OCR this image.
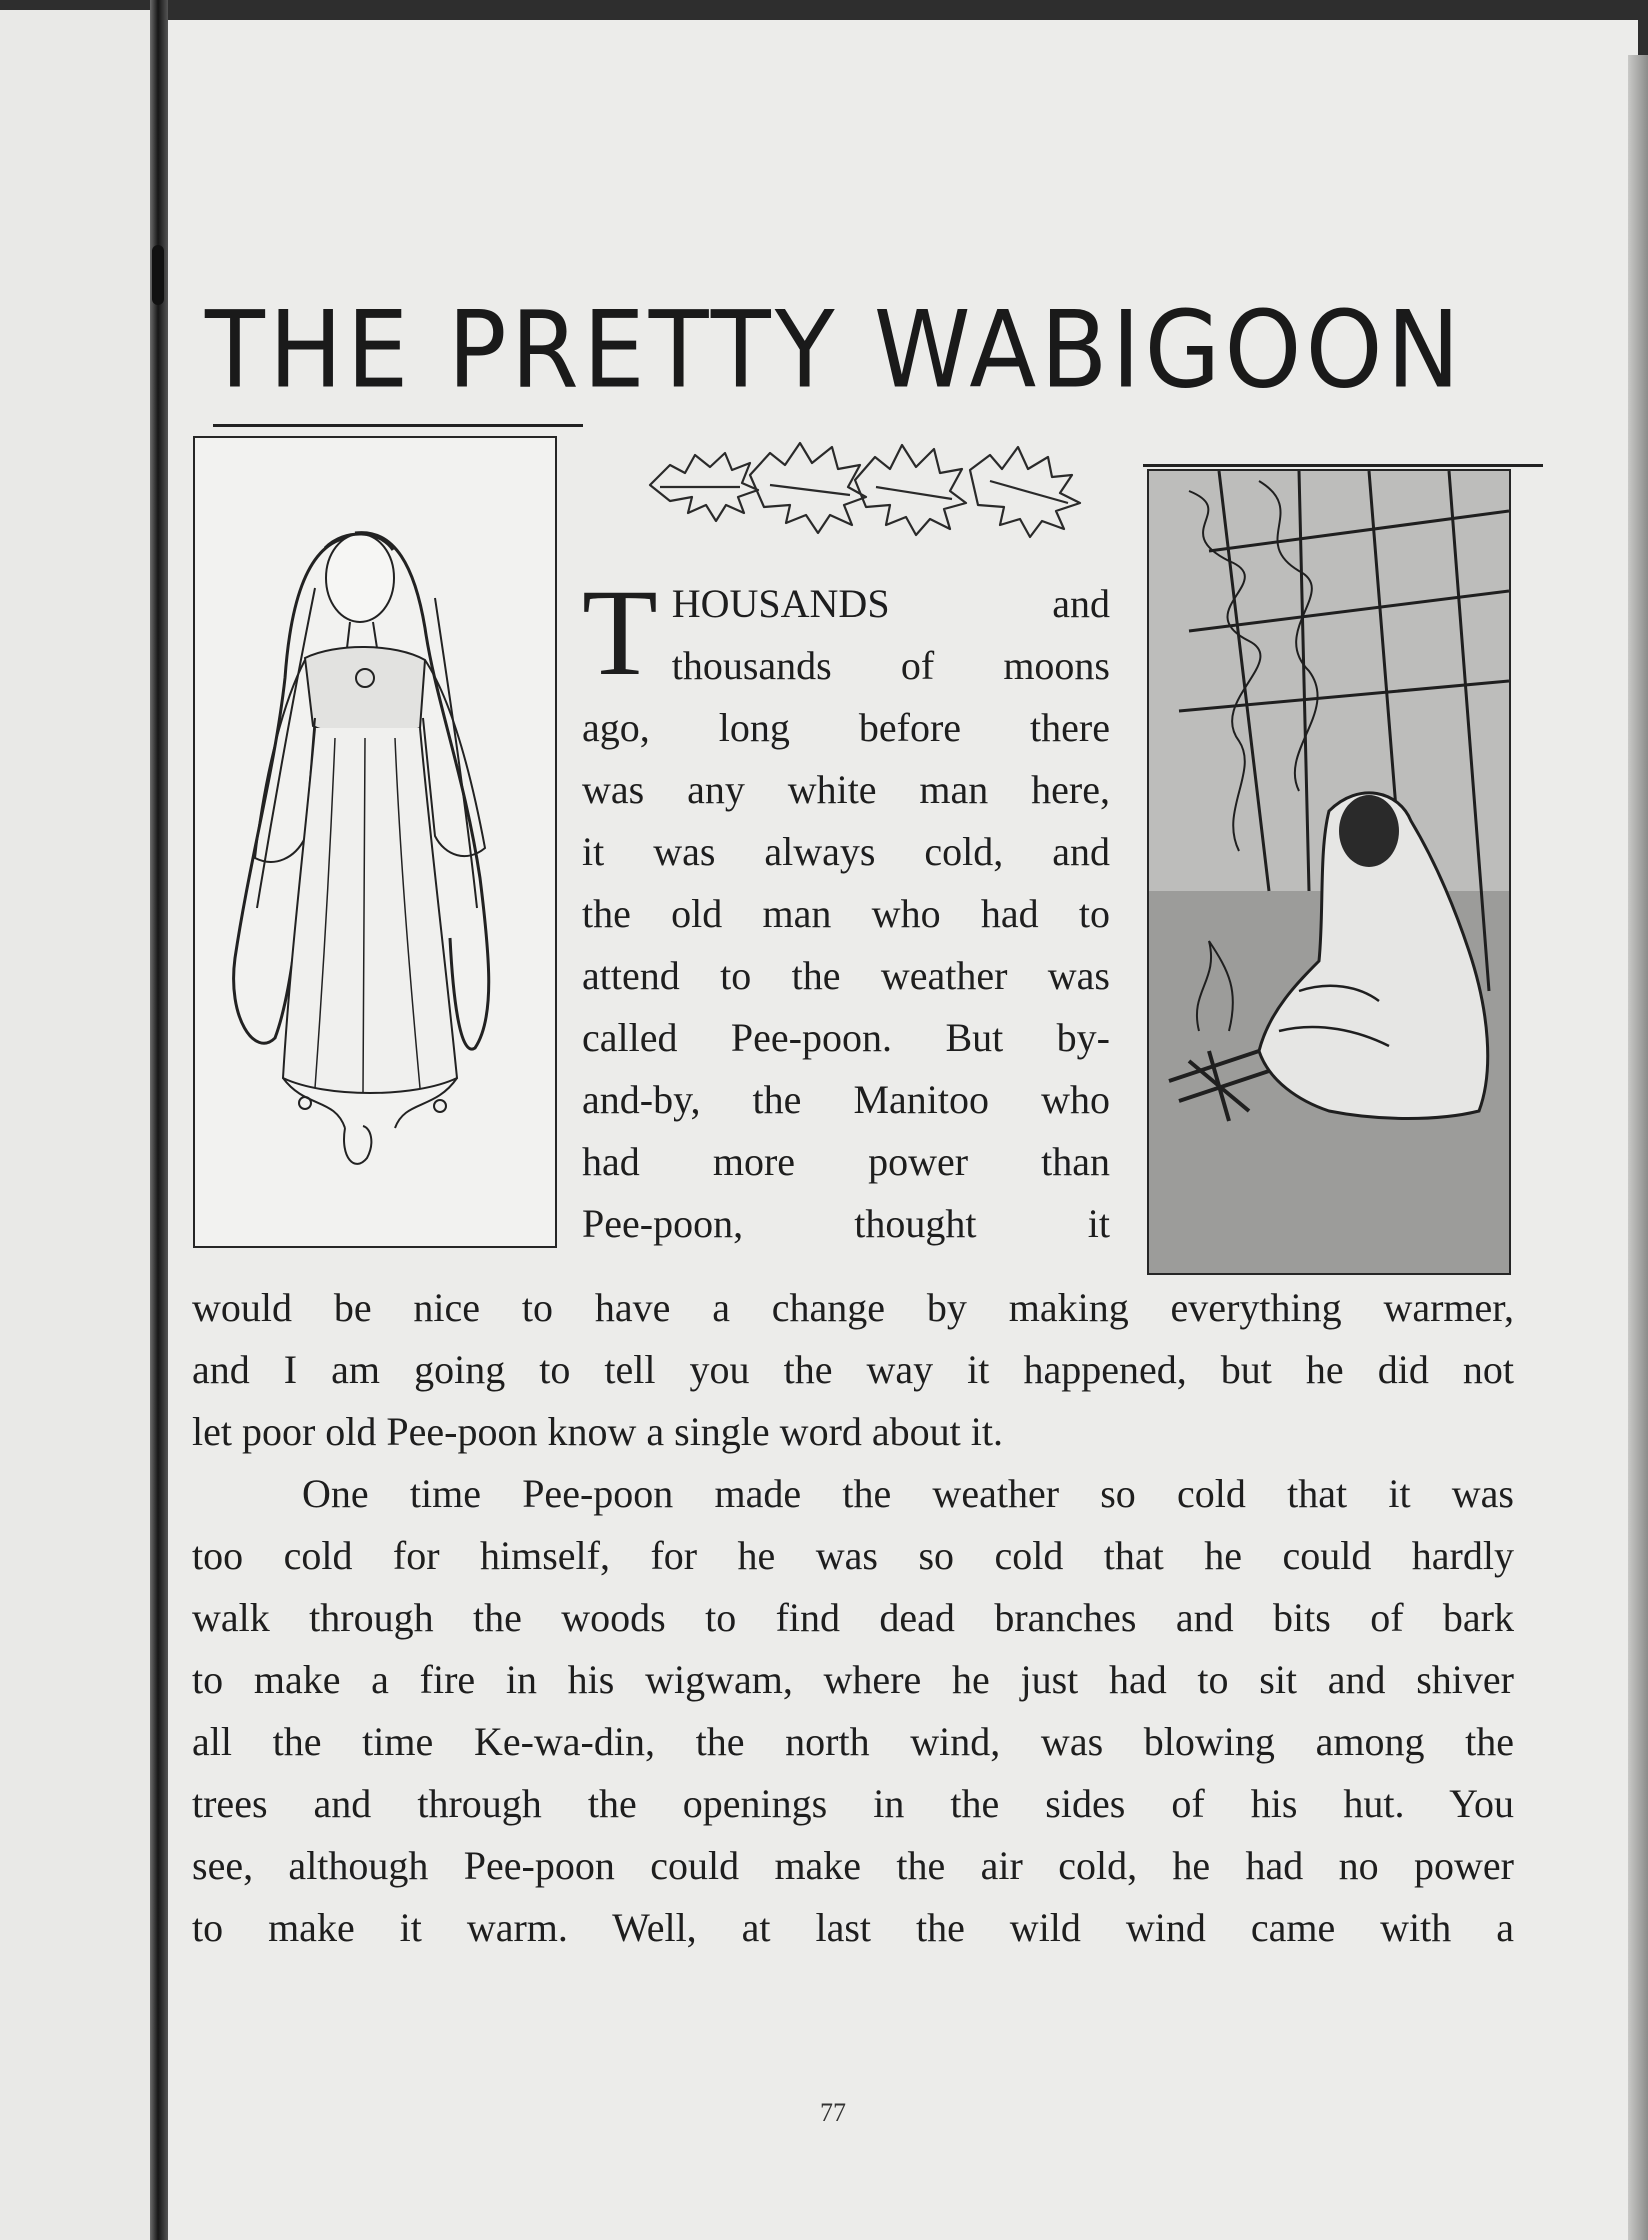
THE PRETTY WABIGOON
T HOUSANDS and

thousands of moons

ago, long before there

was any white man here,

it was always cold, and

the old man who had to

attend to the weather was

called Pee-poon. But by-

and-by, the Manitoo who

had more power than

Pee-poon, thought it

would be nice to have a change by making everything warmer,

and I am going to tell you the way it happened, but he did not

let poor old Pee-poon know a single word about it.

One time Pee-poon made the weather so cold that it was

too cold for himself, for he was so cold that he could hardly

walk through the woods to find dead branches and bits of bark

to make a fire in his wigwam, where he just had to sit and shiver

all the time Ke-wa-din, the north wind, was blowing among the

trees and through the openings in the sides of his hut. You

see, although Pee-poon could make the air cold, he had no power

to make it warm. Well, at last the wild wind came with a

77
